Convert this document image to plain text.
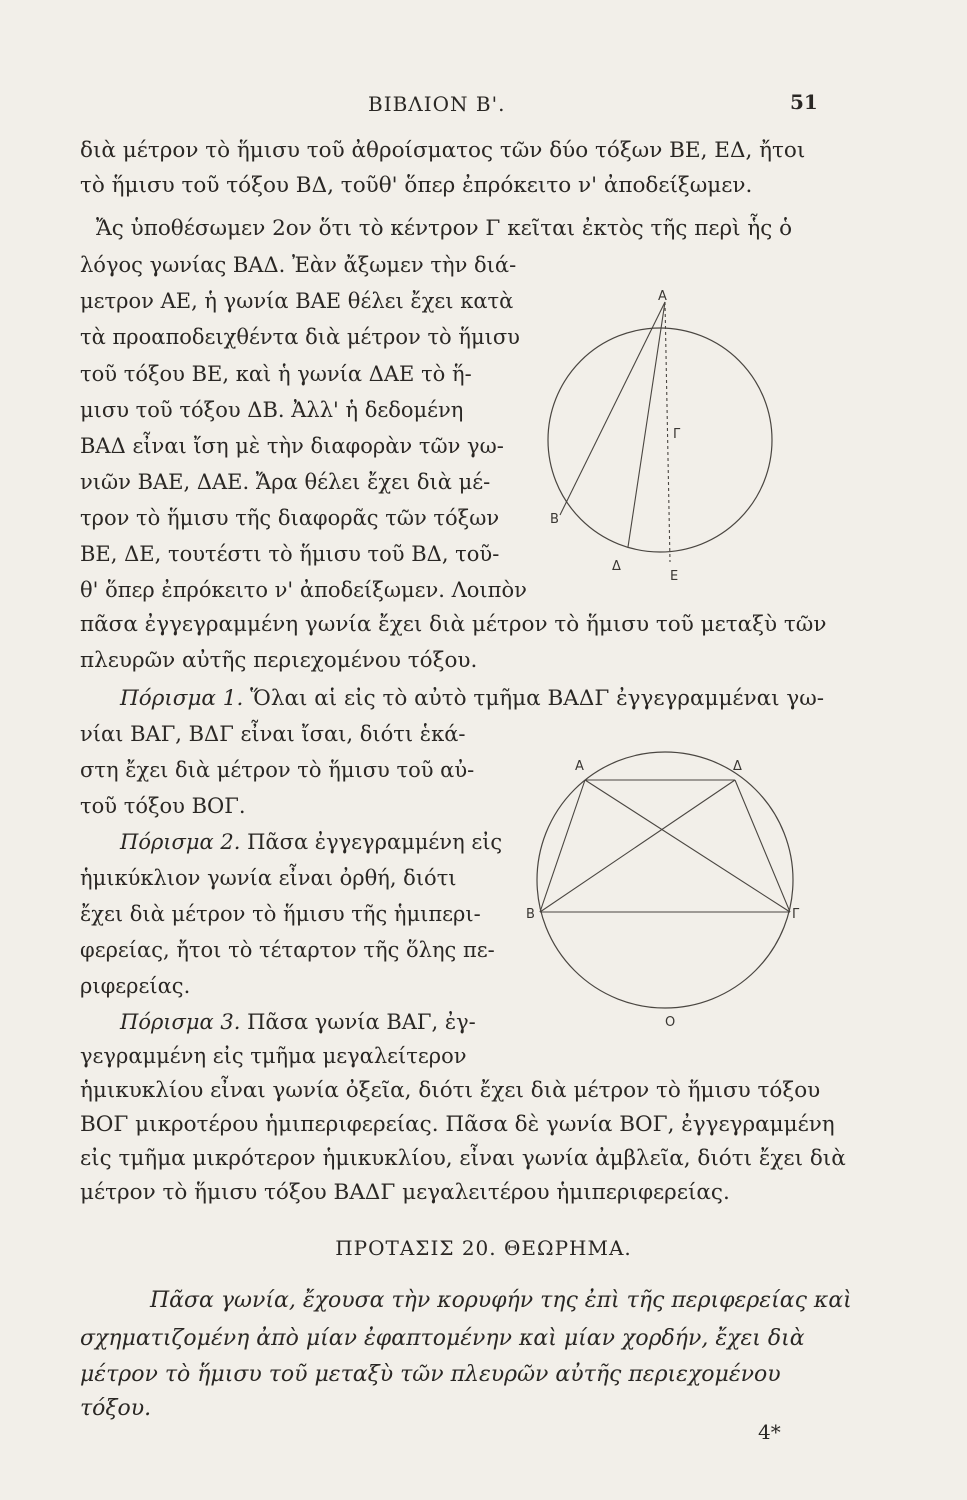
ΒΙΒΛΙΟΝ Β'.	51
διὰ μέτρον τὸ ἥμισυ τοῦ ἀθροίσματος τῶν δύο τόξων ΒΕ, ΕΔ, ἤτοι
τὸ ἥμισυ τοῦ τόξου ΒΔ, τοῦθ' ὅπερ ἐπρόκειτο ν' ἀποδείξωμεν.
Ἄς ὑποθέσωμεν 2ον ὅτι τὸ κέντρον Γ κεῖται ἐκτὸς τῆς περὶ ἧς ὁ
λόγος γωνίας ΒΑΔ. Ἐὰν ἄξωμεν τὴν διά-
μετρον ΑΕ, ἡ γωνία ΒΑΕ θέλει ἔχει κατὰ
τὰ προαποδειχθέντα διὰ μέτρον τὸ ἥμισυ
τοῦ τόξου ΒΕ, καὶ ἡ γωνία ΔΑΕ τὸ ἥ-
μισυ τοῦ τόξου ΔΒ. Ἀλλ' ἡ δεδομένη
ΒΑΔ εἶναι ἴση μὲ τὴν διαφορὰν τῶν γω-
νιῶν ΒΑΕ, ΔΑΕ. Ἄρα θέλει ἔχει διὰ μέ-
τρον τὸ ἥμισυ τῆς διαφορᾶς τῶν τόξων
ΒΕ, ΔΕ, τουτέστι τὸ ἥμισυ τοῦ ΒΔ, τοῦ-
θ' ὅπερ ἐπρόκειτο ν' ἀποδείξωμεν. Λοιπὸν
πᾶσα ἐγγεγραμμένη γωνία ἔχει διὰ μέτρον τὸ ἥμισυ τοῦ μεταξὺ τῶν
πλευρῶν αὐτῆς περιεχομένου τόξου.
Πόρισμα 1. Ὅλαι αἱ εἰς τὸ αὐτὸ τμῆμα ΒΑΔΓ ἐγγεγραμμέναι γω-
νίαι ΒΑΓ, ΒΔΓ εἶναι ἴσαι, διότι ἑκά-
στη ἔχει διὰ μέτρον τὸ ἥμισυ τοῦ αὐ-
τοῦ τόξου ΒΟΓ.
Πόρισμα 2. Πᾶσα ἐγγεγραμμένη εἰς
ἡμικύκλιον γωνία εἶναι ὀρθή, διότι
ἔχει διὰ μέτρον τὸ ἥμισυ τῆς ἡμιπερι-
φερείας, ἤτοι τὸ τέταρτον τῆς ὅλης πε-
ριφερείας.
Πόρισμα 3. Πᾶσα γωνία ΒΑΓ, ἐγ-
γεγραμμένη εἰς τμῆμα μεγαλείτερον
ἡμικυκλίου εἶναι γωνία ὀξεῖα, διότι ἔχει διὰ μέτρον τὸ ἥμισυ τόξου
ΒΟΓ μικροτέρου ἡμιπεριφερείας. Πᾶσα δὲ γωνία ΒΟΓ, ἐγγεγραμμένη
εἰς τμῆμα μικρότερον ἡμικυκλίου, εἶναι γωνία ἀμβλεῖα, διότι ἔχει διὰ
μέτρον τὸ ἥμισυ τόξου ΒΑΔΓ μεγαλειτέρου ἡμιπεριφερείας.
ΠΡΟΤΑΣΙΣ 20. ΘΕΩΡΗΜΑ.
Πᾶσα γωνία, ἔχουσα τὴν κορυφήν της ἐπὶ τῆς περιφερείας καὶ
σχηματιζομένη ἀπὸ μίαν ἐφαπτομένην καὶ μίαν χορδήν, ἔχει διὰ
μέτρον τὸ ἥμισυ τοῦ μεταξὺ τῶν πλευρῶν αὐτῆς περιεχομένου
τόξου.
4*
Α
Γ
Β
Δ
Ε
Α	Δ
Β	Γ
Ο
